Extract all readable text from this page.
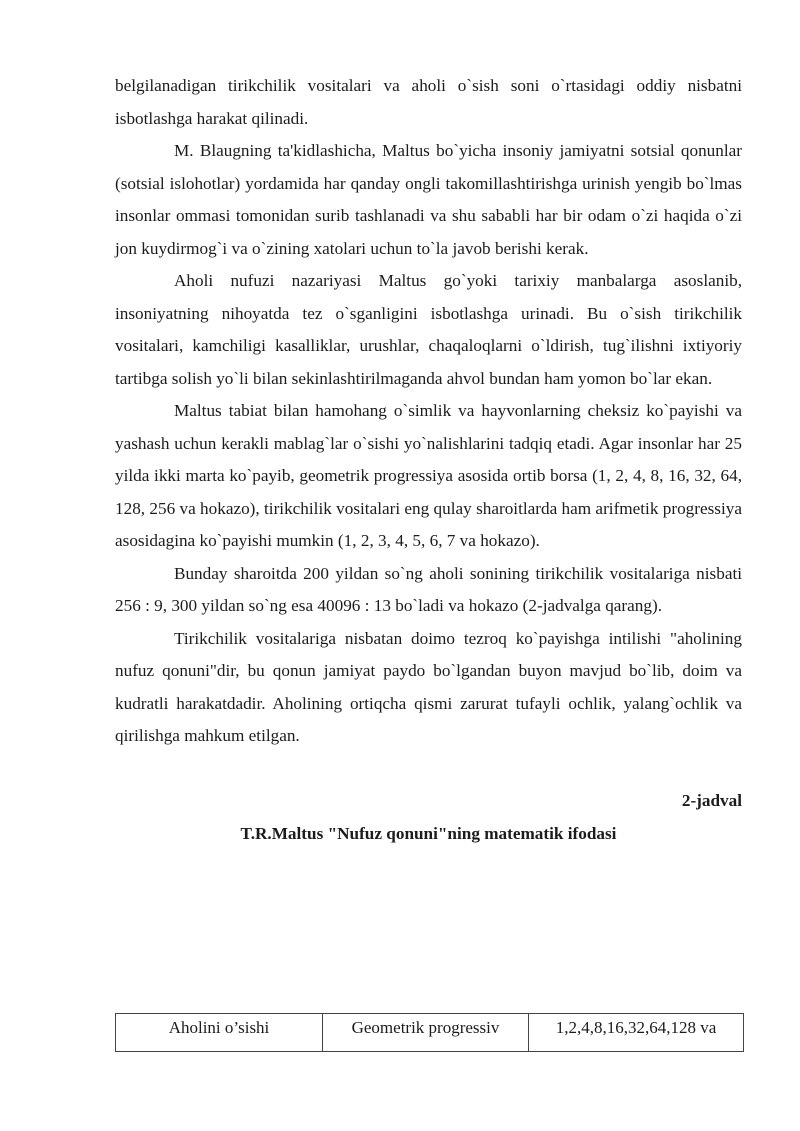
belgilanadigan tirikchilik vositalari va aholi o`sish soni o`rtasidagi oddiy nisbatni isbotlashga harakat qilinadi.

M. Blaugning ta'kidlashicha, Maltus bo`yicha insoniy jamiyatni sotsial qonunlar (sotsial islohotlar) yordamida har qanday ongli takomillashtirishga urinish yengib bo`lmas insonlar ommasi tomonidan surib tashlanadi va shu sababli har bir odam o`zi haqida o`zi jon kuydirmog`i va o`zining xatolari uchun to`la javob berishi kerak.

Aholi nufuzi nazariyasi Maltus go`yoki tarixiy manbalarga asoslanib, insoniyatning nihoyatda tez o`sganligini isbotlashga urinadi. Bu o`sish tirikchilik vositalari, kamchiligi kasalliklar, urushlar, chaqaloqlarni o`ldirish, tug`ilishni ixtiyoriy tartibga solish yo`li bilan sekinlashtirilmaganda ahvol bundan ham yomon bo`lar ekan.

Maltus tabiat bilan hamohang o`simlik va hayvonlarning cheksiz ko`payishi va yashash uchun kerakli mablag`lar o`sishi yo`nalishlarini tadqiq etadi. Agar insonlar har 25 yilda ikki marta ko`payib, geometrik progressiya asosida ortib borsa (1, 2, 4, 8, 16, 32, 64, 128, 256 va hokazo), tirikchilik vositalari eng qulay sharoitlarda ham arifmetik progressiya asosidagina ko`payishi mumkin (1, 2, 3, 4, 5, 6, 7 va hokazo).

Bunday sharoitda 200 yildan so`ng aholi sonining tirikchilik vositalariga nisbati 256 : 9, 300 yildan so`ng esa 40096 : 13 bo`ladi va hokazo (2-jadvalga qarang).

Tirikchilik vositalariga nisbatan doimo tezroq ko`payishga intilishi "aholining nufuz qonuni"dir, bu qonun jamiyat paydo bo`lgandan buyon mavjud bo`lib, doim va kudratli harakatdadir. Aholining ortiqcha qismi zarurat tufayli ochlik, yalang`ochlik va qirilishga mahkum etilgan.

2-jadval

T.R.Maltus "Nufuz qonuni"ning matematik ifodasi

Aholini o’sishi	Geometrik progressiv	1,2,4,8,16,32,64,128 va
